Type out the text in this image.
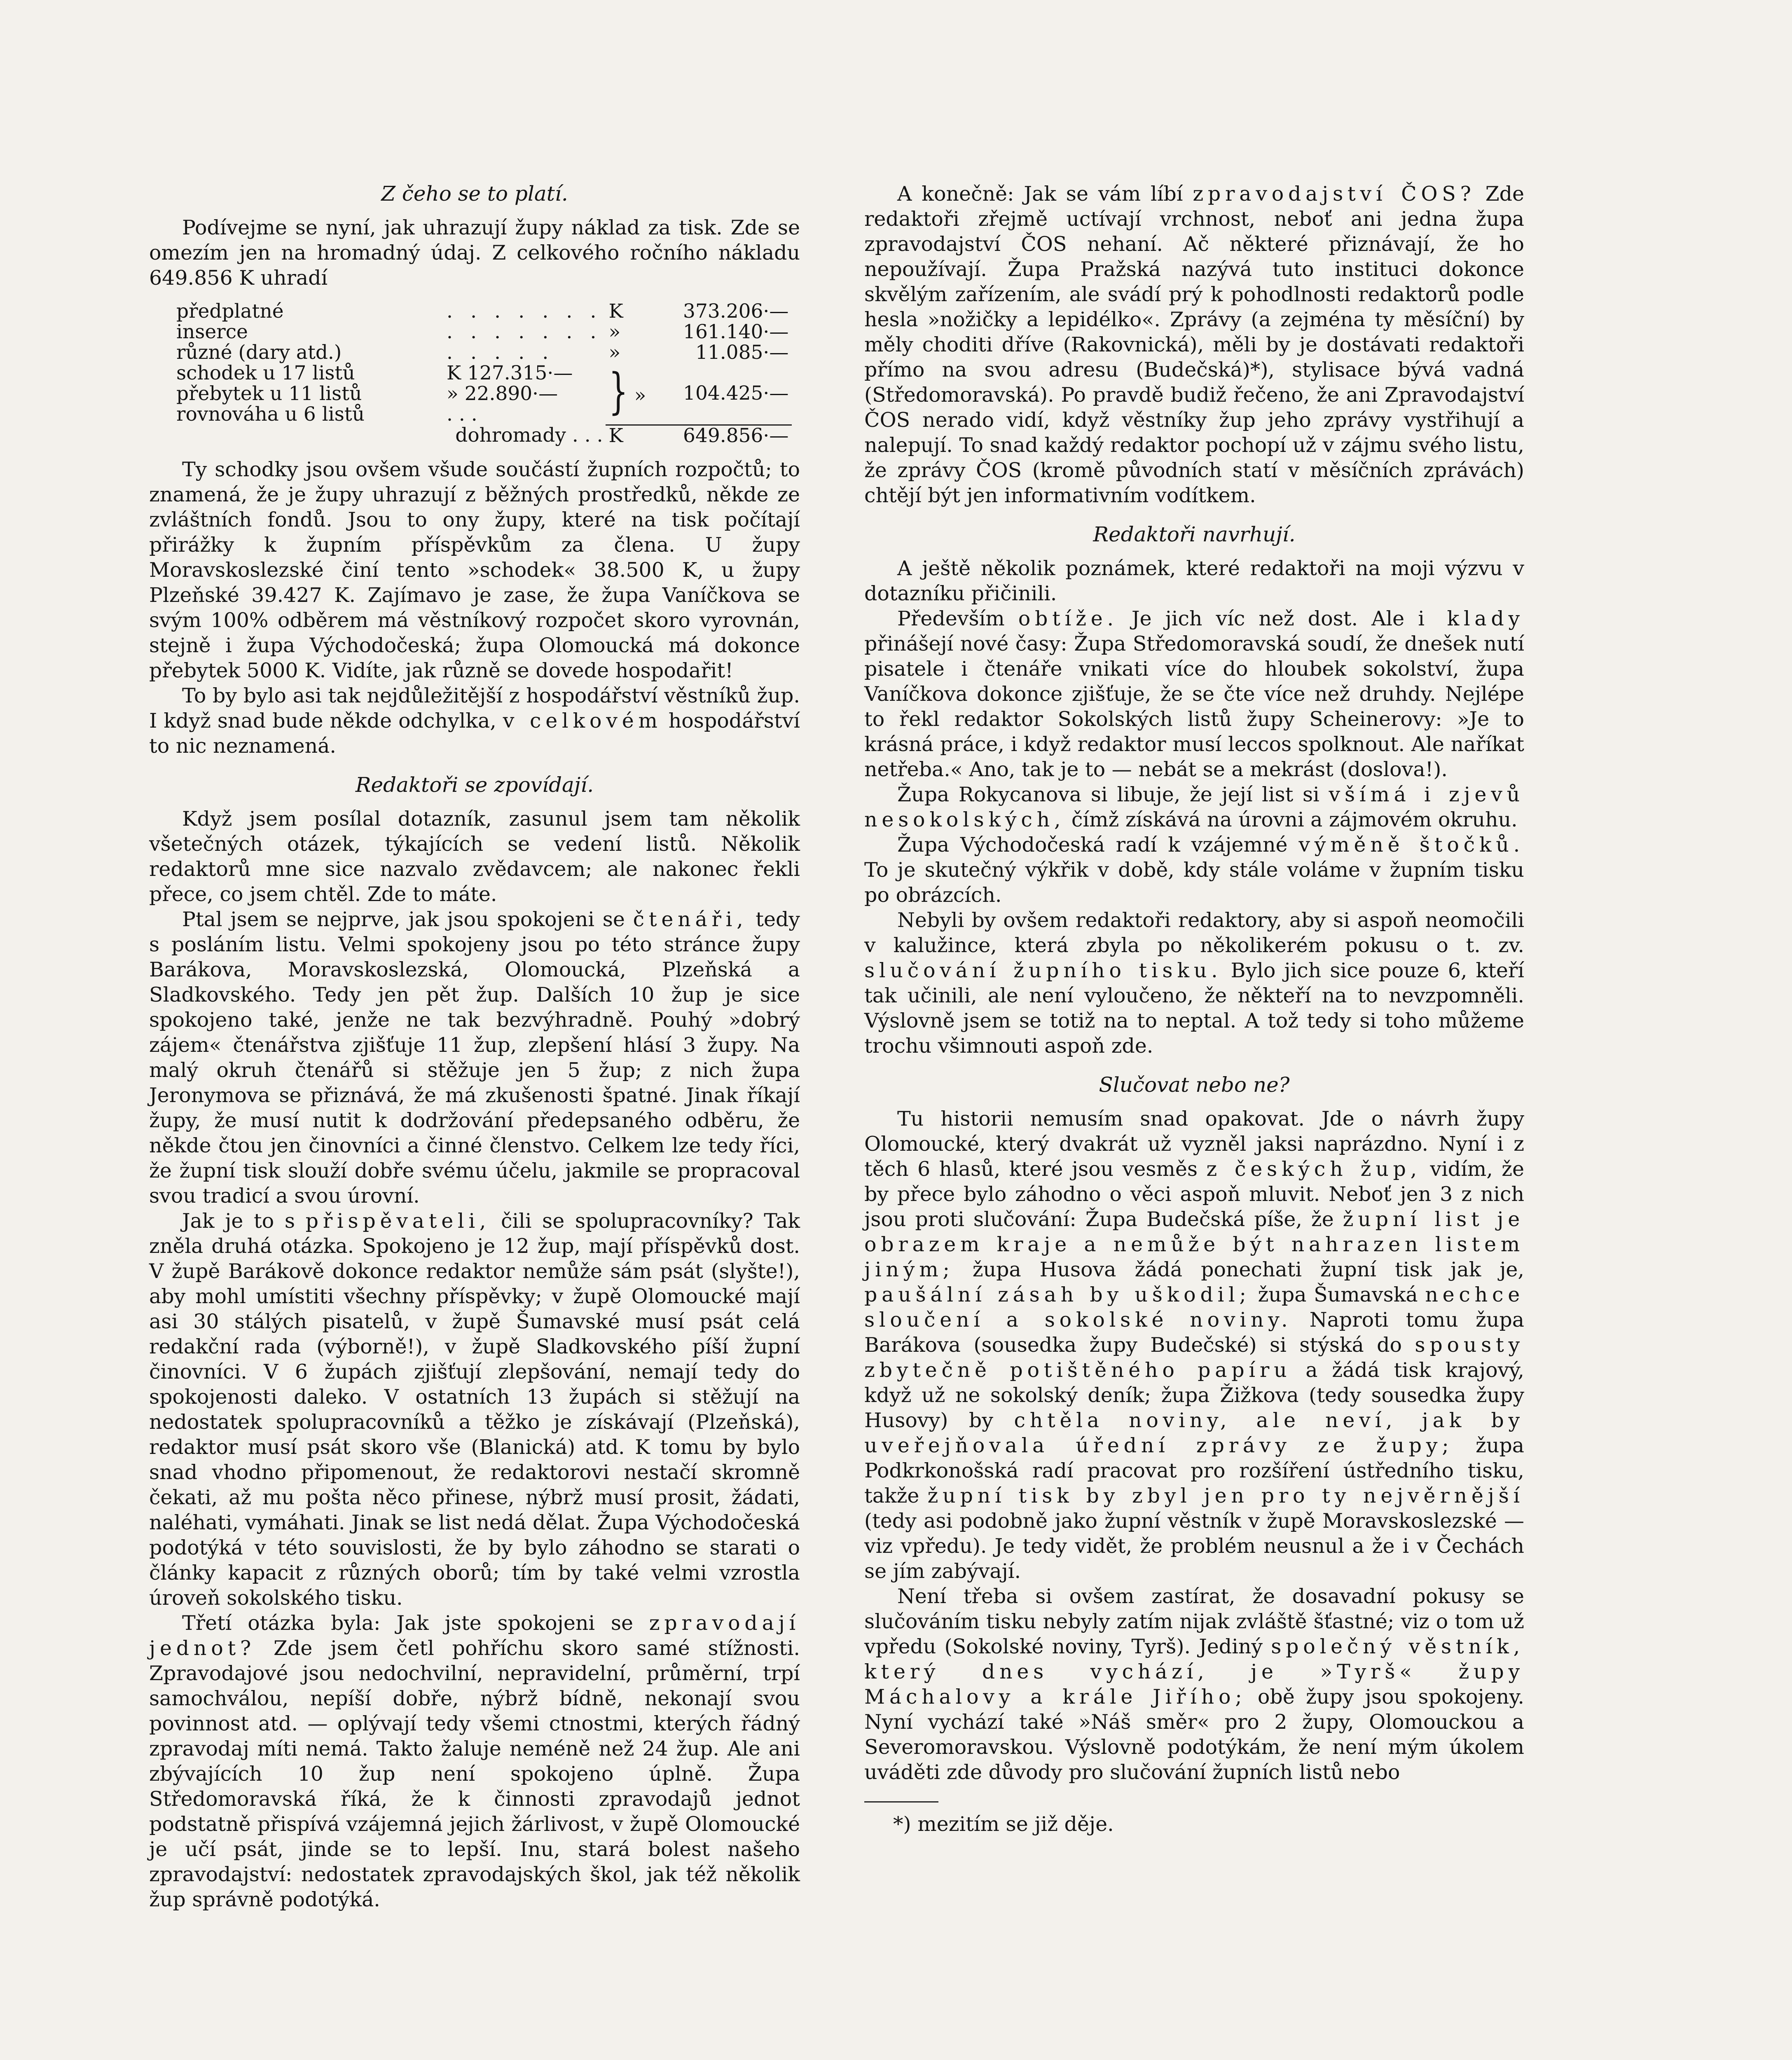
Z čeho se to platí.

Podívejme se nyní, jak uhrazují župy náklad za tisk. Zde se omezím jen na hromadný údaj. Z celkového ročního nákladu 649.856 K uhradí

předplatné	. . . . . . .	K	373.206·—
inserce	. . . . . . .	»	161.140·—
různé (dary atd.)	. . . . .	»	11.085·—
schodek u 17 listů	K 127.315·—	} »	104.425·—
přebytek u 11 listů	» 22.890·—		
rovnováha u 6 listů	. . .		
dohromady . . .		K	649.856·—

Ty schodky jsou ovšem všude součástí župních rozpočtů; to znamená, že je župy uhrazují z běžných prostředků, někde ze zvláštních fondů. Jsou to ony župy, které na tisk počítají přirážky k župním příspěvkům za člena. U župy Moravskoslezské činí tento »schodek« 38.500 K, u župy Plzeňské 39.427 K. Zajímavo je zase, že župa Vaníčkova se svým 100% odběrem má věstníkový rozpočet skoro vyrovnán, stejně i župa Východočeská; župa Olomoucká má dokonce přebytek 5000 K. Vidíte, jak různě se dovede hospodařit!

To by bylo asi tak nejdůležitější z hospodářství věstníků žup. I když snad bude někde odchylka, v celkovém hospodářství to nic neznamená.

Redaktoři se zpovídají.

Když jsem posílal dotazník, zasunul jsem tam několik všetečných otázek, týkajících se vedení listů. Několik redaktorů mne sice nazvalo zvědavcem; ale nakonec řekli přece, co jsem chtěl. Zde to máte.

Ptal jsem se nejprve, jak jsou spokojeni se čtenáři, tedy s posláním listu. Velmi spokojeny jsou po této stránce župy Barákova, Moravskoslezská, Olomoucká, Plzeňská a Sladkovského. Tedy jen pět žup. Dalších 10 žup je sice spokojeno také, jenže ne tak bezvýhradně. Pouhý »dobrý zájem« čtenářstva zjišťuje 11 žup, zlepšení hlásí 3 župy. Na malý okruh čtenářů si stěžuje jen 5 žup; z nich župa Jeronymova se přiznává, že má zkušenosti špatné. Jinak říkají župy, že musí nutit k dodržování předepsaného odběru, že někde čtou jen činovníci a činné členstvo. Celkem lze tedy říci, že župní tisk slouží dobře svému účelu, jakmile se propracoval svou tradicí a svou úrovní.

Jak je to s přispěvateli, čili se spolupracovníky? Tak zněla druhá otázka. Spokojeno je 12 žup, mají příspěvků dost. V župě Barákově dokonce redaktor nemůže sám psát (slyšte!), aby mohl umístiti všechny příspěvky; v župě Olomoucké mají asi 30 stálých pisatelů, v župě Šumavské musí psát celá redakční rada (výborně!), v župě Sladkovského píší župní činovníci. V 6 župách zjišťují zlepšování, nemají tedy do spokojenosti daleko. V ostatních 13 župách si stěžují na nedostatek spolupracovníků a těžko je získávají (Plzeňská), redaktor musí psát skoro vše (Blanická) atd. K tomu by bylo snad vhodno připomenout, že redaktorovi nestačí skromně čekati, až mu pošta něco přinese, nýbrž musí prosit, žádati, naléhati, vymáhati. Jinak se list nedá dělat. Župa Východočeská podotýká v této souvislosti, že by bylo záhodno se starati o články kapacit z různých oborů; tím by také velmi vzrostla úroveň sokolského tisku.

Třetí otázka byla: Jak jste spokojeni se zpravodají jednot? Zde jsem četl pohříchu skoro samé stížnosti. Zpravodajové jsou nedochvilní, nepravidelní, průměrní, trpí samochválou, nepíší dobře, nýbrž bídně, nekonají svou povinnost atd. — oplývají tedy všemi ctnostmi, kterých řádný zpravodaj míti nemá. Takto žaluje neméně než 24 žup. Ale ani zbývajících 10 žup není spokojeno úplně. Župa Středomoravská říká, že k činnosti zpravodajů jednot podstatně přispívá vzájemná jejich žárlivost, v župě Olomoucké je učí psát, jinde se to lepší. Inu, stará bolest našeho zpravodajství: nedostatek zpravodajských škol, jak též několik žup správně podotýká.

A konečně: Jak se vám líbí zpravodajství ČOS? Zde redaktoři zřejmě uctívají vrchnost, neboť ani jedna župa zpravodajství ČOS nehaní. Ač některé přiznávají, že ho nepoužívají. Župa Pražská nazývá tuto instituci dokonce skvělým zařízením, ale svádí prý k pohodlnosti redaktorů podle hesla »nožičky a lepidélko«. Zprávy (a zejména ty měsíční) by měly choditi dříve (Rakovnická), měli by je dostávati redaktoři přímo na svou adresu (Budečská)*), stylisace bývá vadná (Středomoravská). Po pravdě budiž řečeno, že ani Zpravodajství ČOS nerado vidí, když věstníky žup jeho zprávy vystřihují a nalepují. To snad každý redaktor pochopí už v zájmu svého listu, že zprávy ČOS (kromě původních statí v měsíčních zprávách) chtějí být jen informativním vodítkem.

Redaktoři navrhují.

A ještě několik poznámek, které redaktoři na moji výzvu v dotazníku přičinili.

Především obtíže. Je jich víc než dost. Ale i klady přinášejí nové časy: Župa Středomoravská soudí, že dnešek nutí pisatele i čtenáře vnikati více do hloubek sokolství, župa Vaníčkova dokonce zjišťuje, že se čte více než druhdy. Nejlépe to řekl redaktor Sokolských listů župy Scheinerovy: »Je to krásná práce, i když redaktor musí leccos spolknout. Ale naříkat netřeba.« Ano, tak je to — nebát se a mekrást (doslova!).

Župa Rokycanova si libuje, že její list si všímá i zjevů nesokolských, čímž získává na úrovni a zájmovém okruhu.

Župa Východočeská radí k vzájemné výměně štočků. To je skutečný výkřik v době, kdy stále voláme v župním tisku po obrázcích.

Nebyli by ovšem redaktoři redaktory, aby si aspoň neomočili v kalužince, která zbyla po několikerém pokusu o t. zv. slučování župního tisku. Bylo jich sice pouze 6, kteří tak učinili, ale není vyloučeno, že někteří na to nevzpomněli. Výslovně jsem se totiž na to neptal. A tož tedy si toho můžeme trochu všimnouti aspoň zde.

Slučovat nebo ne?

Tu historii nemusím snad opakovat. Jde o návrh župy Olomoucké, který dvakrát už vyzněl jaksi naprázdno. Nyní i z těch 6 hlasů, které jsou vesměs z českých žup, vidím, že by přece bylo záhodno o věci aspoň mluvit. Neboť jen 3 z nich jsou proti slučování: Župa Budečská píše, že župní list je obrazem kraje a nemůže být nahrazen listem jiným; župa Husova žádá ponechati župní tisk jak je, paušální zásah by uškodil; župa Šumavská nechce sloučení a sokolské noviny. Naproti tomu župa Barákova (sousedka župy Budečské) si stýská do spousty zbytečně potištěného papíru a žádá tisk krajový, když už ne sokolský deník; župa Žižkova (tedy sousedka župy Husovy) by chtěla noviny, ale neví, jak by uveřejňovala úřední zprávy ze župy; župa Podkrkonošská radí pracovat pro rozšíření ústředního tisku, takže župní tisk by zbyl jen pro ty nejvěrnější (tedy asi podobně jako župní věstník v župě Moravskoslezské — viz vpředu). Je tedy vidět, že problém neusnul a že i v Čechách se jím zabývají.

Není třeba si ovšem zastírat, že dosavadní pokusy se slučováním tisku nebyly zatím nijak zvláště šťastné; viz o tom už vpředu (Sokolské noviny, Tyrš). Jediný společný věstník, který dnes vychází, je »Tyrš« župy Máchalovy a krále Jiřího; obě župy jsou spokojeny. Nyní vychází také »Náš směr« pro 2 župy, Olomouckou a Severomoravskou. Výslovně podotýkám, že není mým úkolem uváděti zde důvody pro slučování župních listů nebo

*) mezitím se již děje.
